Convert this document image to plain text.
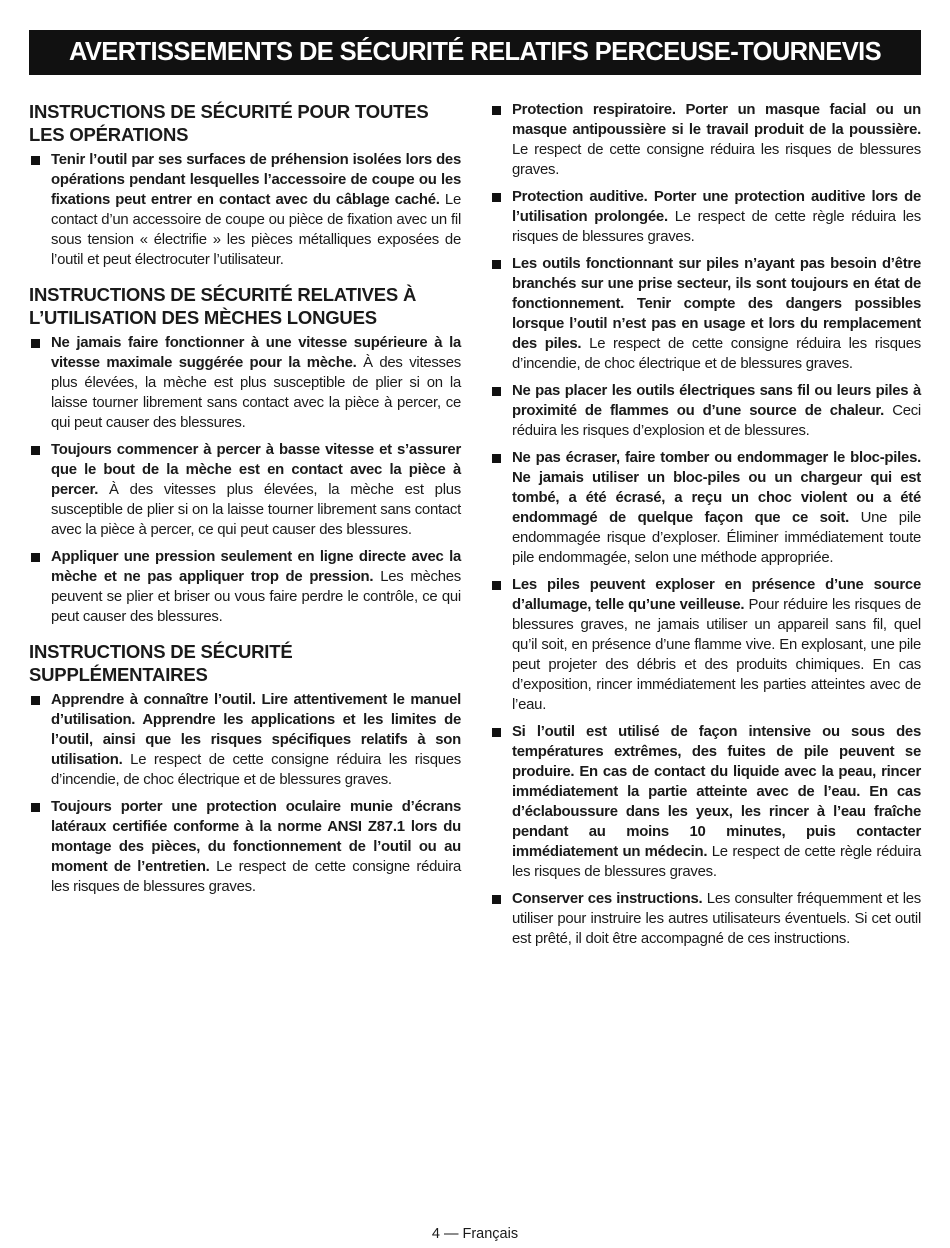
AVERTISSEMENTS DE SÉCURITÉ RELATIFS PERCEUSE-TOURNEVIS
INSTRUCTIONS DE SÉCURITÉ POUR TOUTES LES OPÉRATIONS
Tenir l’outil par ses surfaces de préhension isolées lors des opérations pendant lesquelles l’accessoire de coupe ou les fixations peut entrer en contact avec du câblage caché. Le contact d’un accessoire de coupe ou pièce de fixation avec un fil sous tension « électrifie » les pièces métalliques exposées de l’outil et peut électrocuter l’utilisateur.
INSTRUCTIONS DE SÉCURITÉ RELATIVES À L’UTILISATION DES MÈCHES LONGUES
Ne jamais faire fonctionner à une vitesse supérieure à la vitesse maximale suggérée pour la mèche. À des vitesses plus élevées, la mèche est plus susceptible de plier si on la laisse tourner librement sans contact avec la pièce à percer, ce qui peut causer des blessures.
Toujours commencer à percer à basse vitesse et s’assurer que le bout de la mèche est en contact avec la pièce à percer. À des vitesses plus élevées, la mèche est plus susceptible de plier si on la laisse tourner librement sans contact avec la pièce à percer, ce qui peut causer des blessures.
Appliquer une pression seulement en ligne directe avec la mèche et ne pas appliquer trop de pression. Les mèches peuvent se plier et briser ou vous faire perdre le contrôle, ce qui peut causer des blessures.
INSTRUCTIONS DE SÉCURITÉ SUPPLÉMENTAIRES
Apprendre à connaître l’outil. Lire attentivement le manuel d’utilisation. Apprendre les applications et les limites de l’outil, ainsi que les risques spécifiques relatifs à son utilisation. Le respect de cette consigne réduira les risques d’incendie, de choc électrique et de blessures graves.
Toujours porter une protection oculaire munie d’écrans latéraux certifiée conforme à la norme ANSI Z87.1 lors du montage des pièces, du fonctionnement de l’outil ou au moment de l’entretien. Le respect de cette consigne réduira les risques de blessures graves.
Protection respiratoire. Porter un masque facial ou un masque antipoussière si le travail produit de la poussière. Le respect de cette consigne réduira les risques de blessures graves.
Protection auditive. Porter une protection auditive lors de l’utilisation prolongée. Le respect de cette règle réduira les risques de blessures graves.
Les outils fonctionnant sur piles n’ayant pas besoin d’être branchés sur une prise secteur, ils sont toujours en état de fonctionnement. Tenir compte des dangers possibles lorsque l’outil n’est pas en usage et lors du remplacement des piles. Le respect de cette consigne réduira les risques d’incendie, de choc électrique et de blessures graves.
Ne pas placer les outils électriques sans fil ou leurs piles à proximité de flammes ou d’une source de chaleur. Ceci réduira les risques d’explosion et de blessures.
Ne pas écraser, faire tomber ou endommager le bloc-piles. Ne jamais utiliser un bloc-piles ou un chargeur qui est tombé, a été écrasé, a reçu un choc violent ou a été endommagé de quelque façon que ce soit. Une pile endommagée risque d’exploser. Éliminer immédiatement toute pile endommagée, selon une méthode appropriée.
Les piles peuvent exploser en présence d’une source d’allumage, telle qu’une veilleuse. Pour réduire les risques de blessures graves, ne jamais utiliser un appareil sans fil, quel qu’il soit, en présence d’une flamme vive. En explosant, une pile peut projeter des débris et des produits chimiques. En cas d’exposition, rincer immédiatement les parties atteintes avec de l’eau.
Si l’outil est utilisé de façon intensive ou sous des températures extrêmes, des fuites de pile peuvent se produire. En cas de contact du liquide avec la peau, rincer immédiatement la partie atteinte avec de l’eau. En cas d’éclaboussure dans les yeux, les rincer à l’eau fraîche pendant au moins 10 minutes, puis contacter immédiatement un médecin. Le respect de cette règle réduira les risques de blessures graves.
Conserver ces instructions. Les consulter fréquemment et les utiliser pour instruire les autres utilisateurs éventuels. Si cet outil est prêté, il doit être accompagné de ces instructions.
4 — Français
